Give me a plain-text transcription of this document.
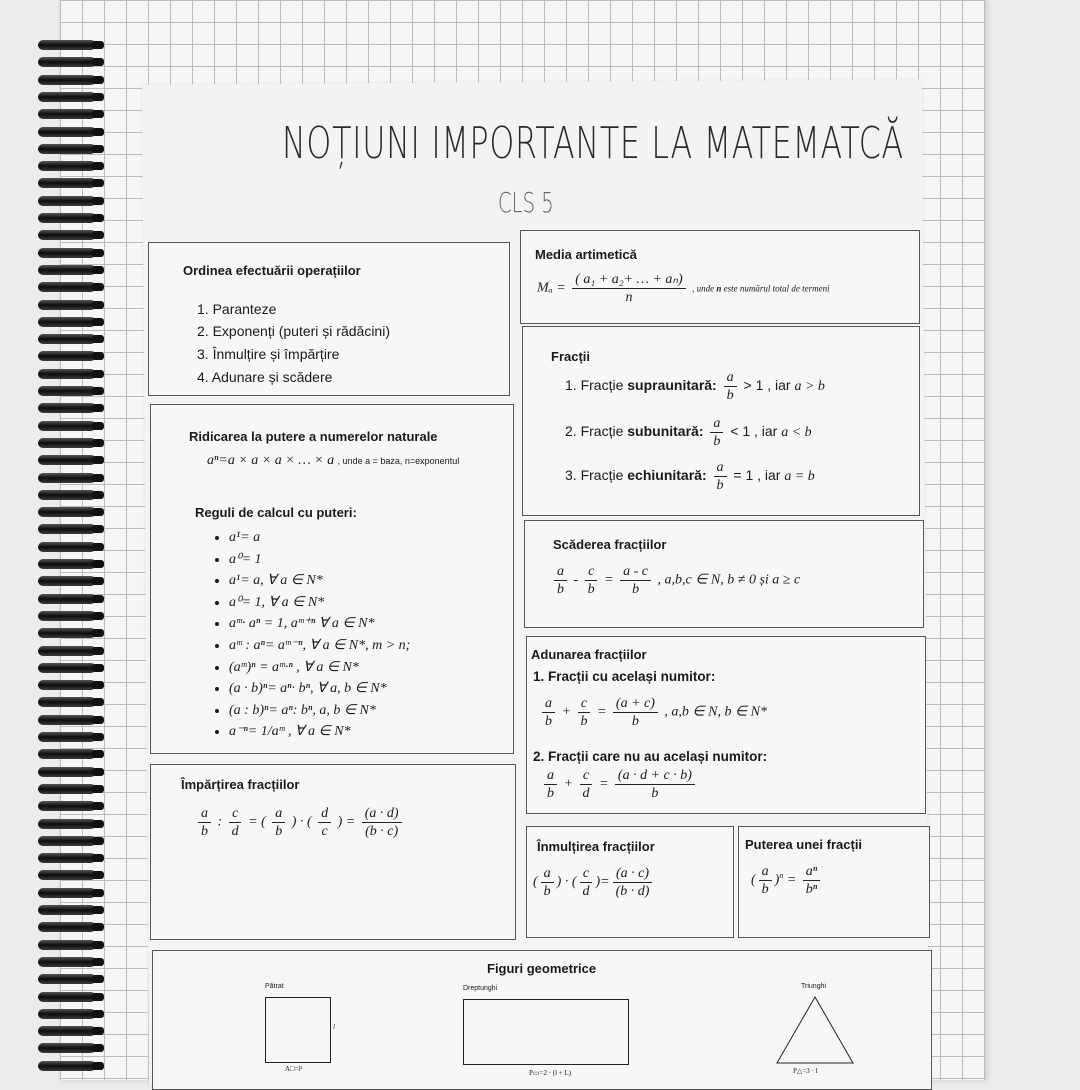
NOȚIUNI IMPORTANTE LA MATEMATCĂ
CLS 5
Ordinea efectuării operațiilor
1. Paranteze
2. Exponenți (puteri și rădăcini)
3. Înmulțire și împărțire
4. Adunare și scădere
Media artimetică
$M_a = \frac{\text{( a₁ + a₂+ … + aₙ)}}{n}$ , unde n este numărul total de termeni
Fracții
1. Fracție supraunitară: $\frac{a}{b} > 1$ , iar a > b
2. Fracție subunitară: $\frac{a}{b} < 1$ , iar a < b
3. Fracție echiunitară: $\frac{a}{b} = 1$ , iar a = b
Ridicarea la putere a numerelor naturale
aⁿ=a × a × a × … × a , unde a = baza, n=exponentul
Reguli de calcul cu puteri:
• a¹= a
• a⁰= 1
• a¹= a, ∀ a ∈ N*
• a⁰= 1, ∀ a ∈ N*
• aᵐ· aⁿ = 1, aᵐ⁺ⁿ ∀ a ∈ N*
• aᵐ : aⁿ= aᵐ⁻ⁿ, ∀ a ∈ N*, m > n;
• (aᵐ)ⁿ = aᵐ·ⁿ , ∀ a ∈ N*
• (a · b)ⁿ= aⁿ· bⁿ, ∀ a, b ∈ N*
• (a : b)ⁿ= aⁿ: bⁿ, a, b ∈ N*
• a⁻ⁿ= 1/aᵐ , ∀ a ∈ N*
Scăderea fracțiilor
$\frac{a}{b} - \frac{c}{b} = \frac{a - c}{b}$ , a,b,c ∈ N, b ≠ 0 și a ≥ c
Adunarea fracțiilor
1. Fracții cu același numitor:
$\frac{a}{b} + \frac{c}{b} = \frac{(a + c)}{b}$ , a,b ∈ N, b ∈ N*
2. Fracții care nu au același numitor:
$\frac{a}{b} + \frac{c}{d} = \frac{(a \cdot d + c \cdot b)}{b}$
Împărțirea fracțiilor
$\frac{a}{b}$ : $\frac{c}{d}$ = ( $\frac{a}{b}$ ) · ( $\frac{d}{c}$ ) = $\frac{(a \cdot d)}{(b \cdot c)}$
Înmulțirea fracțiilor
( $\frac{a}{b}$ ) · ( $\frac{c}{d}$ )= $\frac{(a \cdot c)}{(b \cdot d)}$
Puterea unei fracții
( $\frac{a}{b} )^n = \frac{\text{aⁿ}}{\text{bⁿ}}$
Figuri geometrice
Pătrat
l
A□=l²
Dreptunghi
P▭=2 · (l + L)
Triunghi
P△=3 · l
